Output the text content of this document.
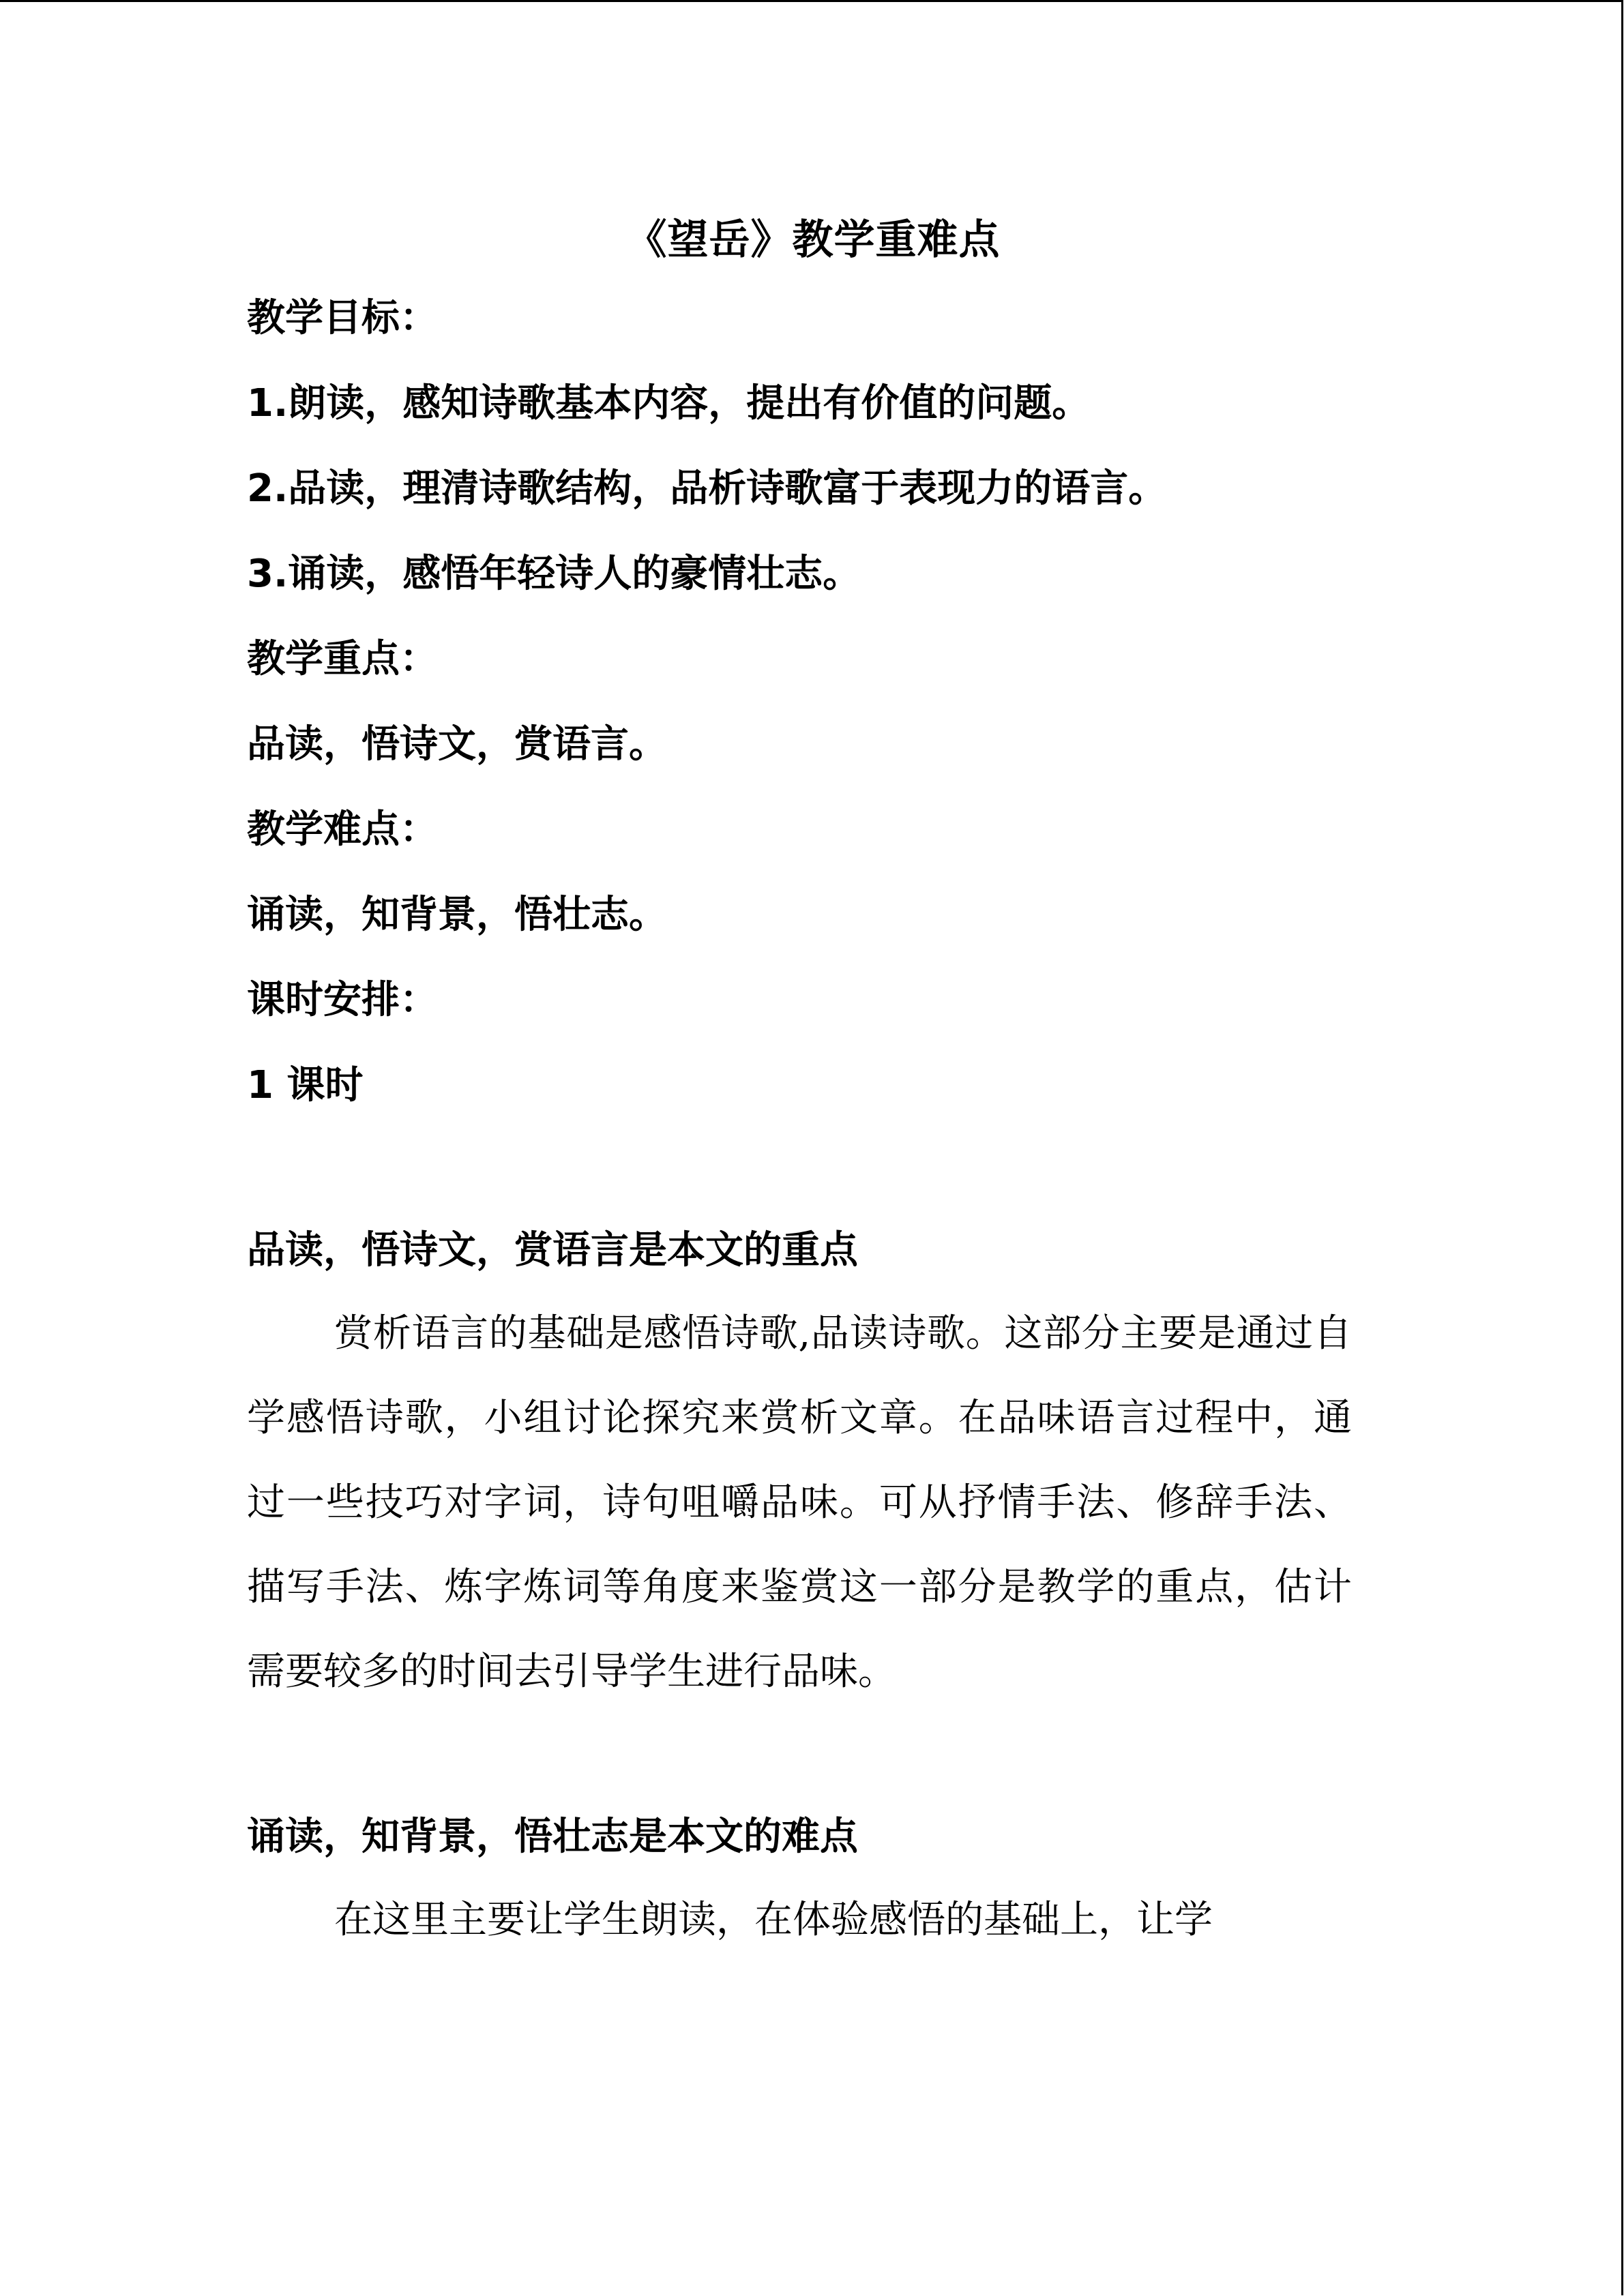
《望岳》教学重难点
教学目标：
1.朗读，感知诗歌基本内容，提出有价值的问题。
2.品读，理清诗歌结构，品析诗歌富于表现力的语言。
3.诵读，感悟年轻诗人的豪情壮志。
教学重点：
品读，悟诗文，赏语言。
教学难点：
诵读，知背景，悟壮志。
课时安排：
1 课时
品读，悟诗文，赏语言是本文的重点

赏析语言的基础是感悟诗歌,品读诗歌。这部分主要是通过自学感悟诗歌，小组讨论探究来赏析文章。在品味语言过程中，通过一些技巧对字词，诗句咀嚼品味。可从抒情手法、修辞手法、描写手法、炼字炼词等角度来鉴赏这一部分是教学的重点，估计需要较多的时间去引导学生进行品味。

诵读，知背景，悟壮志是本文的难点

在这里主要让学生朗读，在体验感悟的基础上，让学
